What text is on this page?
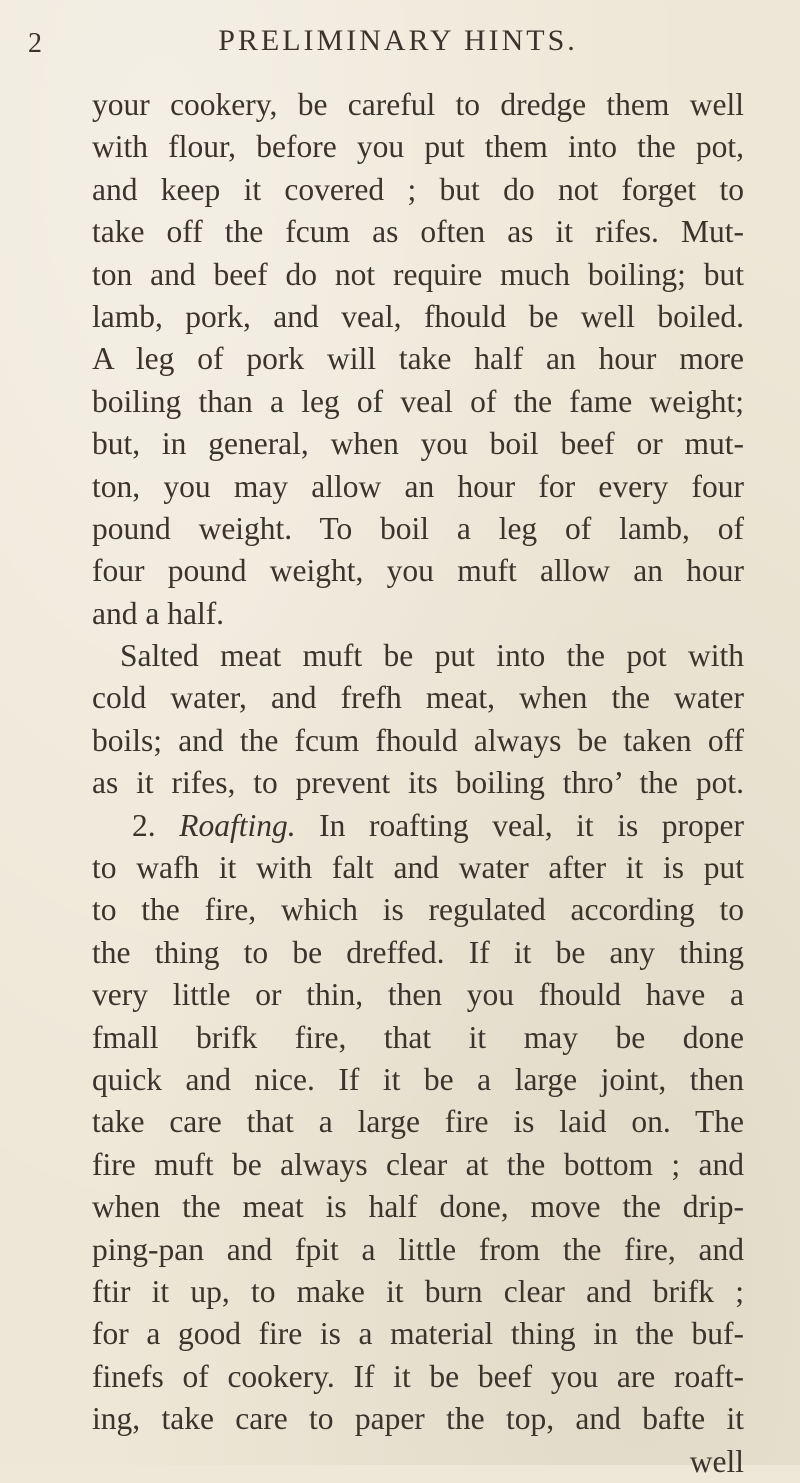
2	PRELIMINARY HINTS.
your cookery, be careful to dredge them well
with flour, before you put them into the pot,
and keep it covered ; but do not forget to
take off the fcum as often as it rifes. Mut-
ton and beef do not require much boiling; but
lamb, pork, and veal, fhould be well boiled.
A leg of pork will take half an hour more
boiling than a leg of veal of the fame weight;
but, in general, when you boil beef or mut-
ton, you may allow an hour for every four
pound weight. To boil a leg of lamb, of
four pound weight, you muft allow an hour
and a half.
Salted meat muft be put into the pot with
cold water, and frefh meat, when the water
boils; and the fcum fhould always be taken off
as it rifes, to prevent its boiling thro’ the pot.
2. Roafting. In roafting veal, it is proper
to wafh it with falt and water after it is put
to the fire, which is regulated according to
the thing to be dreffed. If it be any thing
very little or thin, then you fhould have a
fmall brifk fire, that it may be done
quick and nice. If it be a large joint, then
take care that a large fire is laid on. The
fire muft be always clear at the bottom ; and
when the meat is half done, move the drip-
ping-pan and fpit a little from the fire, and
ftir it up, to make it burn clear and brifk ;
for a good fire is a material thing in the buf-
finefs of cookery. If it be beef you are roaft-
ing, take care to paper the top, and bafte it
well
